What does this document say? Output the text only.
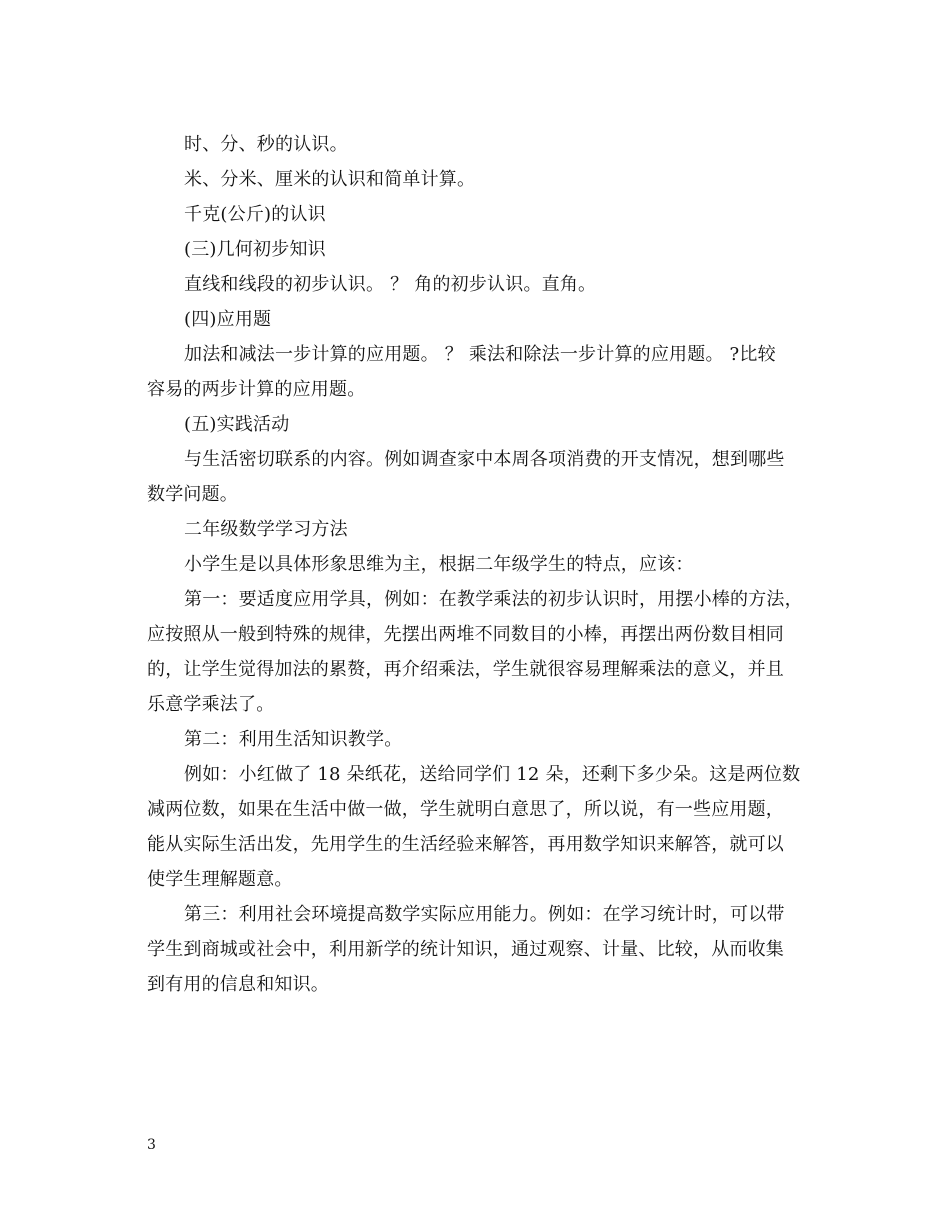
时、分、秒的认识。
米、分米、厘米的认识和简单计算。
千克(公斤)的认识
(三)几何初步知识
直线和线段的初步认识。 ？ 角的初步认识。直角。
(四)应用题
加法和减法一步计算的应用题。 ？ 乘法和除法一步计算的应用题。 ?比较
容易的两步计算的应用题。
(五)实践活动
与生活密切联系的内容。例如调查家中本周各项消费的开支情况，想到哪些
数学问题。
二年级数学学习方法
小学生是以具体形象思维为主，根据二年级学生的特点，应该：
第一：要适度应用学具，例如：在教学乘法的初步认识时，用摆小棒的方法，
应按照从一般到特殊的规律，先摆出两堆不同数目的小棒，再摆出两份数目相同
的，让学生觉得加法的累赘，再介绍乘法，学生就很容易理解乘法的意义，并且
乐意学乘法了。
第二：利用生活知识教学。
例如：小红做了 18 朵纸花，送给同学们 12 朵，还剩下多少朵。这是两位数
减两位数，如果在生活中做一做，学生就明白意思了，所以说，有一些应用题，
能从实际生活出发，先用学生的生活经验来解答，再用数学知识来解答，就可以
使学生理解题意。
第三：利用社会环境提高数学实际应用能力。例如：在学习统计时，可以带
学生到商城或社会中，利用新学的统计知识，通过观察、计量、比较，从而收集
到有用的信息和知识。
3
